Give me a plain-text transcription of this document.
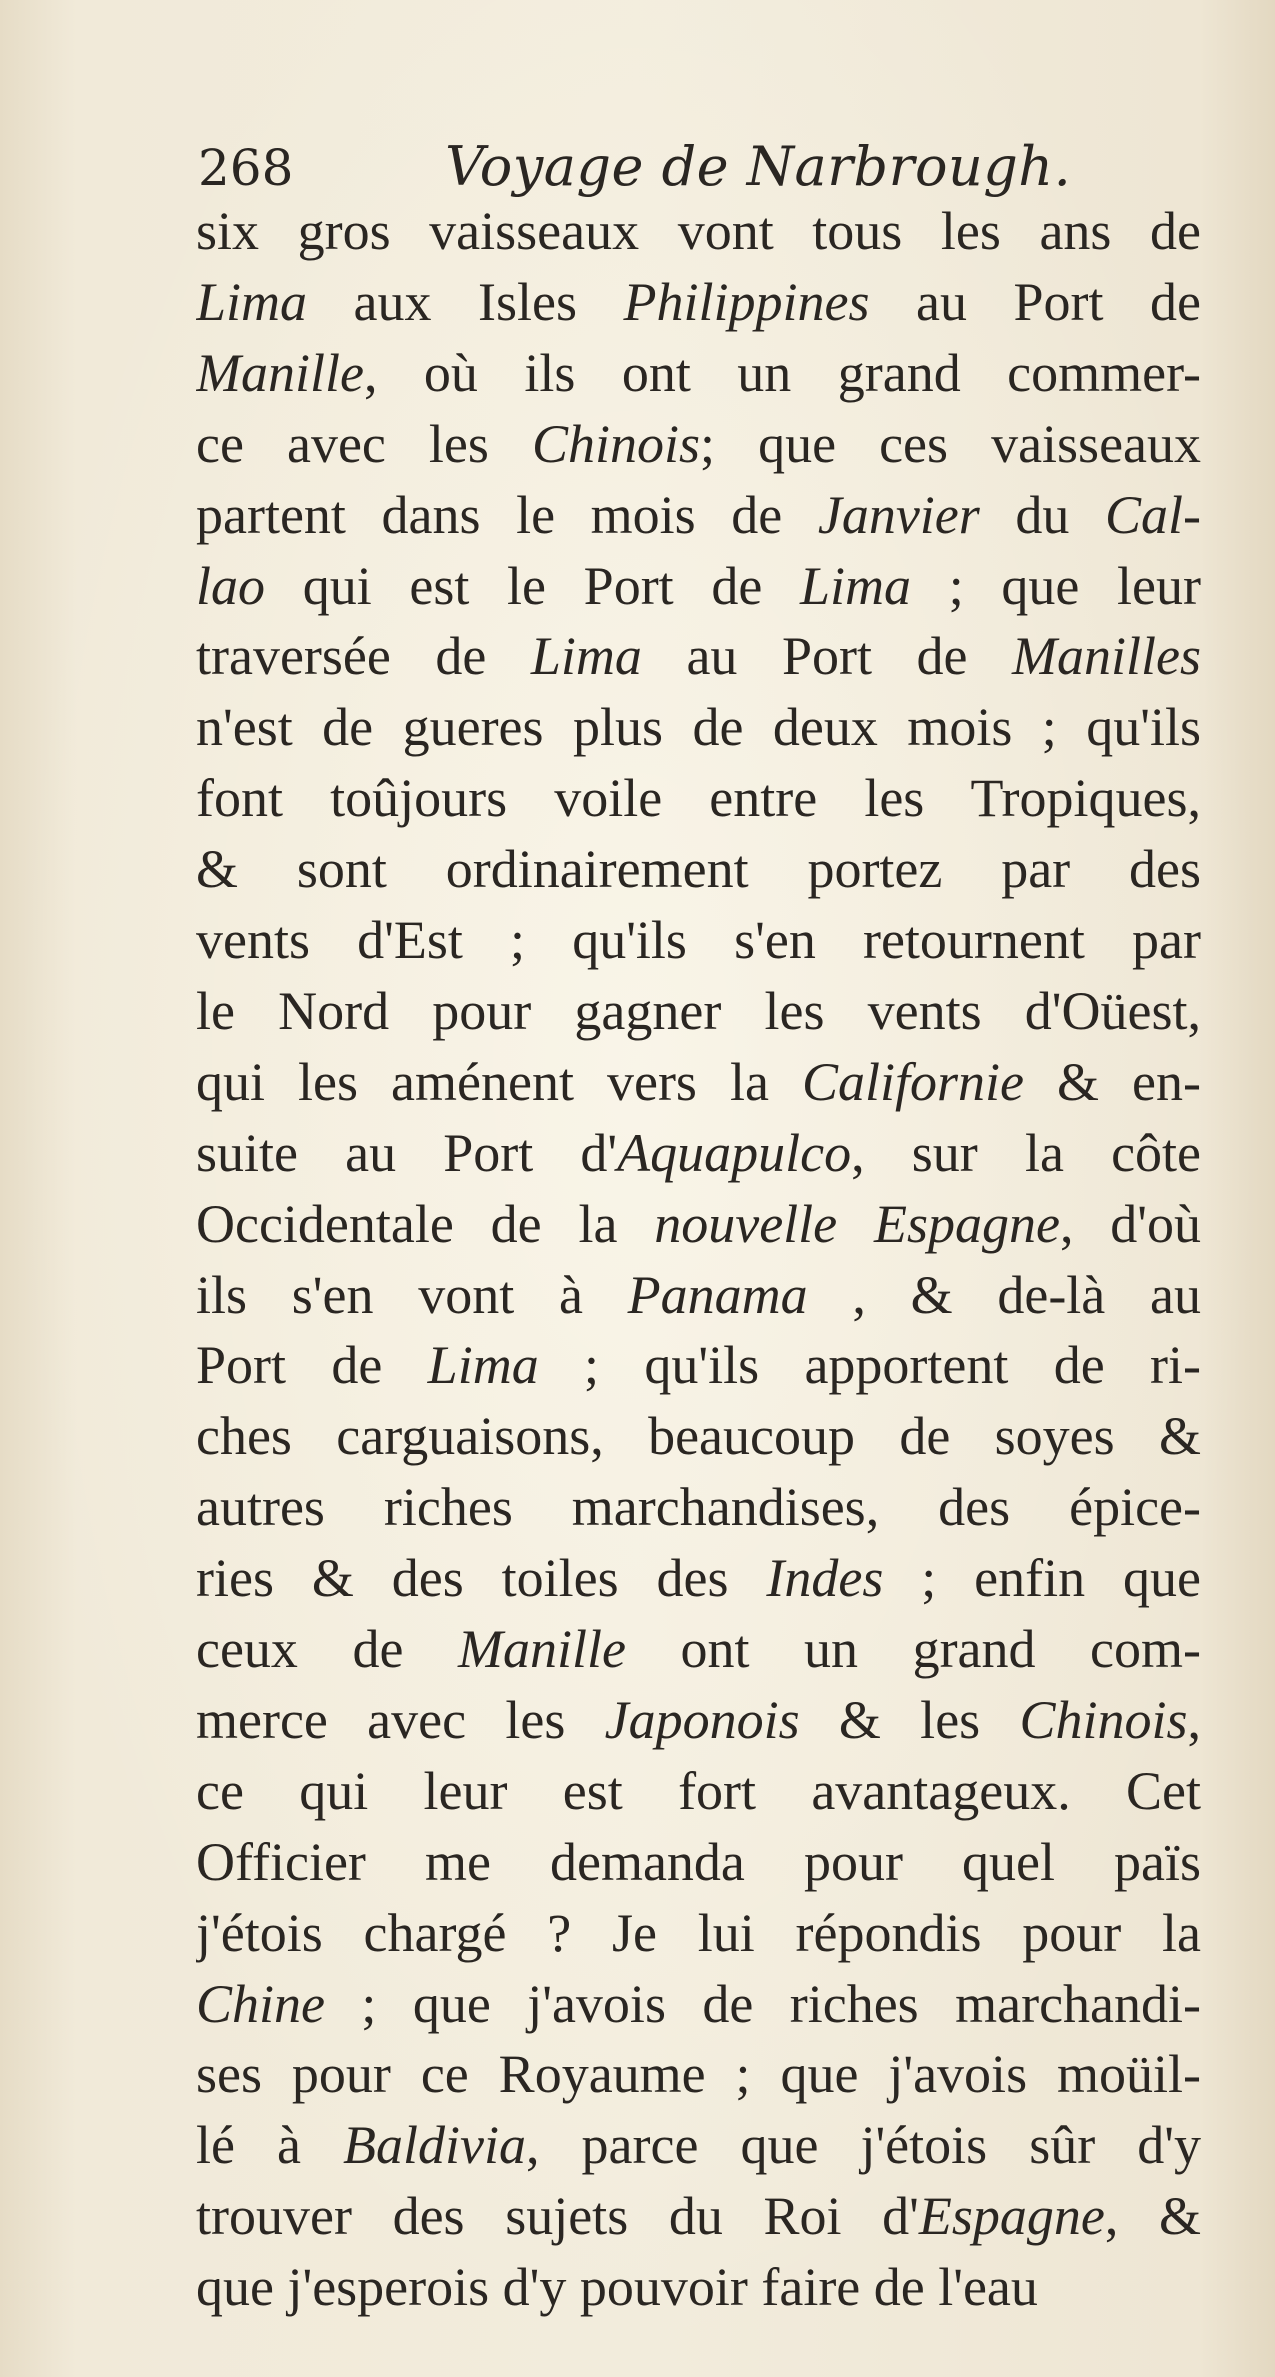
268	Voyage de Narbrough.
six gros vaisseaux vont tous les ans de
Lima aux Isles Philippines au Port de
Manille, où ils ont un grand commer-
ce avec les Chinois; que ces vaisseaux
partent dans le mois de Janvier du Cal-
lao qui est le Port de Lima ; que leur
traversée de Lima au Port de Manilles
n'est de gueres plus de deux mois ; qu'ils
font toûjours voile entre les Tropiques,
& sont ordinairement portez par des
vents d'Est ; qu'ils s'en retournent par
le Nord pour gagner les vents d'Oüest,
qui les aménent vers la Californie & en-
suite au Port d'Aquapulco, sur la côte
Occidentale de la nouvelle Espagne, d'où
ils s'en vont à Panama , & de-là au
Port de Lima ; qu'ils apportent de ri-
ches carguaisons, beaucoup de soyes &
autres riches marchandises, des épice-
ries & des toiles des Indes ; enfin que
ceux de Manille ont un grand com-
merce avec les Japonois & les Chinois,
ce qui leur est fort avantageux. Cet
Officier me demanda pour quel païs
j'étois chargé ? Je lui répondis pour la
Chine ; que j'avois de riches marchandi-
ses pour ce Royaume ; que j'avois moüil-
lé à Baldivia, parce que j'étois sûr d'y
trouver des sujets du Roi d'Espagne, &
que j'esperois d'y pouvoir faire de l'eau
